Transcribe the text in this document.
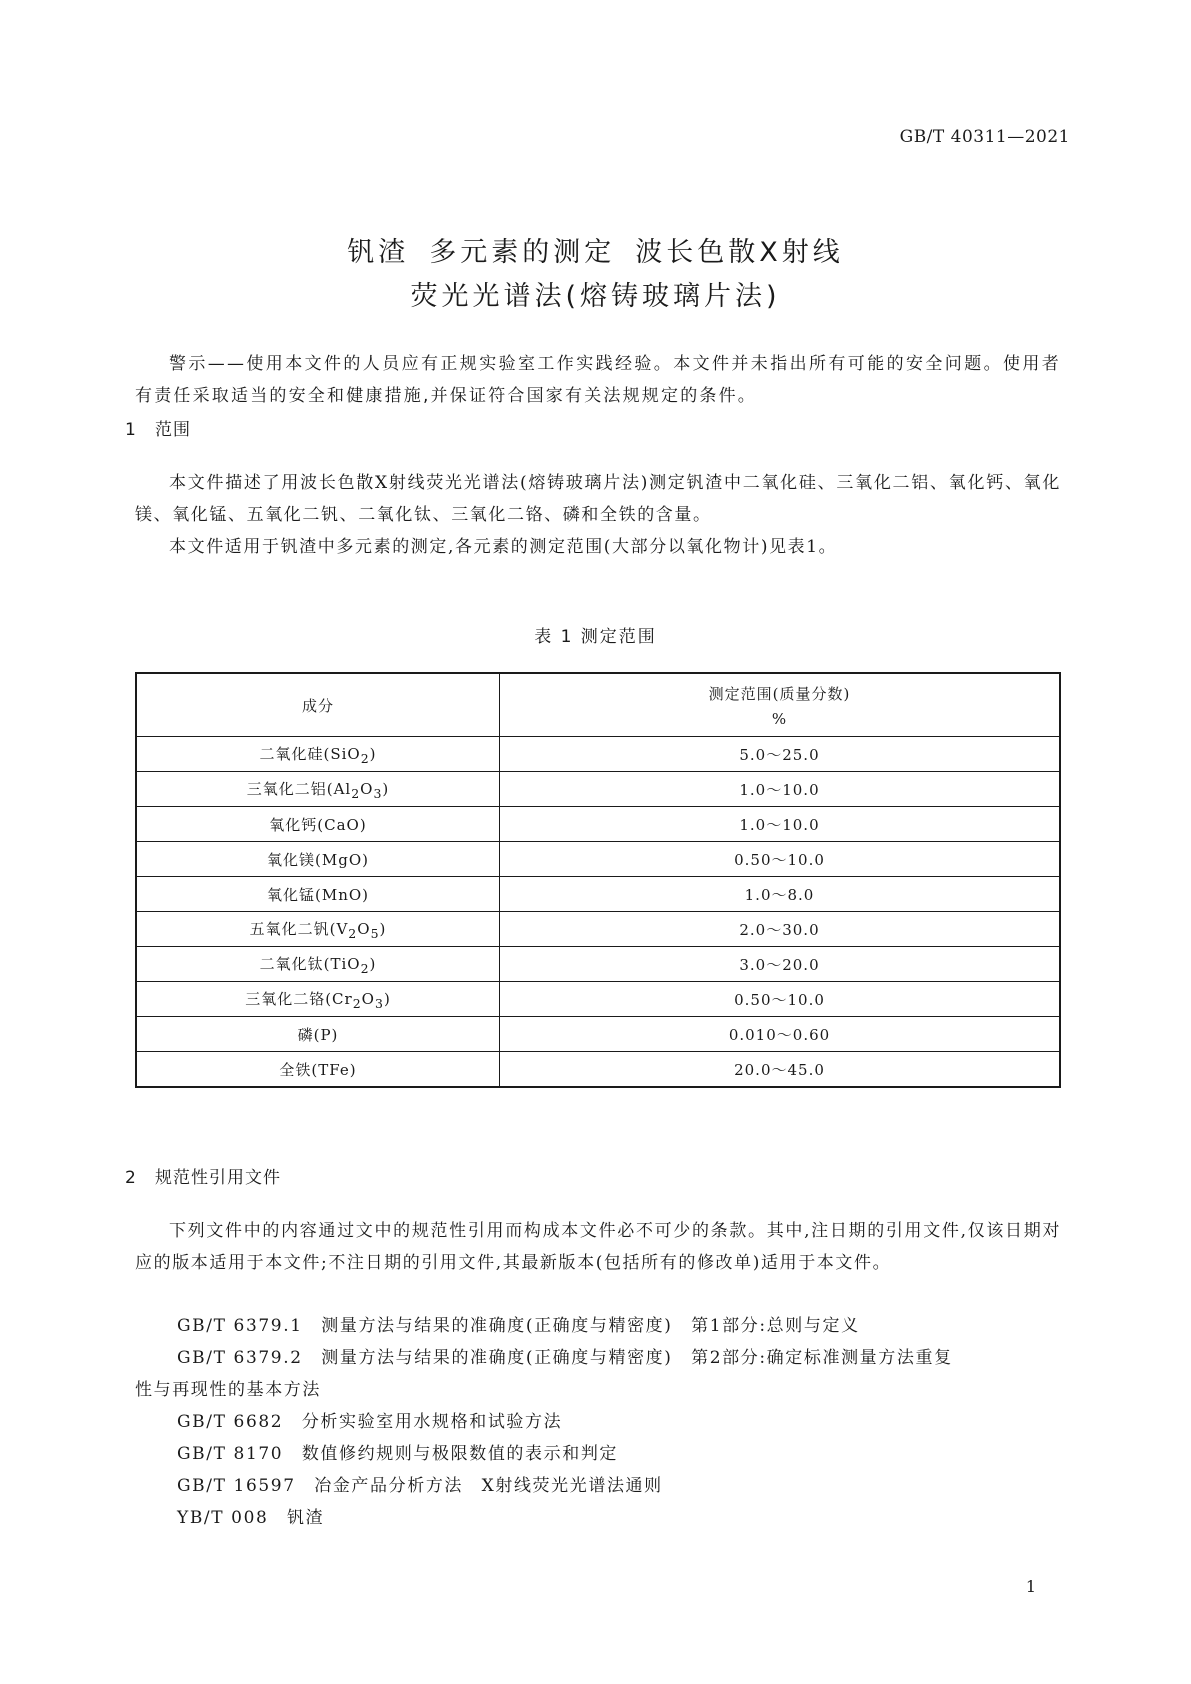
GB/T 40311—2021
钒渣 多元素的测定 波长色散X射线
荧光光谱法(熔铸玻璃片法)
警示——使用本文件的人员应有正规实验室工作实践经验。本文件并未指出所有可能的安全问题。使用者有责任采取适当的安全和健康措施,并保证符合国家有关法规规定的条件。
1 范围
本文件描述了用波长色散X射线荧光光谱法(熔铸玻璃片法)测定钒渣中二氧化硅、三氧化二铝、氧化钙、氧化镁、氧化锰、五氧化二钒、二氧化钛、三氧化二铬、磷和全铁的含量。
本文件适用于钒渣中多元素的测定,各元素的测定范围(大部分以氧化物计)见表1。
表 1 测定范围
成分	测定范围(质量分数)
%

二氧化硅(SiO$_2$)	5.0～25.0
三氧化二铝$(Al_2O_3)$	1.0～10.0
氧化钙(CaO)	1.0～10.0
氧化镁(MgO)	0.50～10.0
氧化锰(MnO)	1.0～8.0
五氧化二钒$(V_2O_5)$	2.0～30.0
二氧化钛(TiO$_2$)	3.0～20.0
三氧化二铬$(Cr_2O_3)$	0.50～10.0
磷(P)	0.010～0.60
全铁(TFe)	20.0～45.0
2 规范性引用文件
下列文件中的内容通过文中的规范性引用而构成本文件必不可少的条款。其中,注日期的引用文件,仅该日期对应的版本适用于本文件;不注日期的引用文件,其最新版本(包括所有的修改单)适用于本文件。
GB/T 6379.1　 测量方法与结果的准确度(正确度与精密度)　 第1部分:总则与定义
GB/T 6379.2　 测量方法与结果的准确度(正确度与精密度)　 第2部分:确定标准测量方法重复
性与再现性的基本方法
GB/T 6682　 分析实验室用水规格和试验方法
GB/T 8170　 数值修约规则与极限数值的表示和判定
GB/T 16597　 冶金产品分析方法　 X射线荧光光谱法通则
YB/T 008　 钒渣
1
